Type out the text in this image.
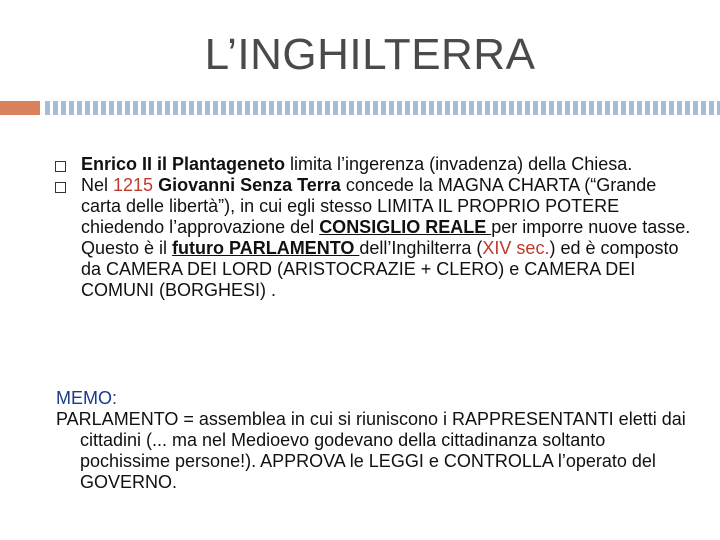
L’INGHILTERRA
Enrico II il Plantageneto limita l’ingerenza (invadenza) della Chiesa.
Nel 1215 Giovanni Senza Terra concede la MAGNA CHARTA (“Grande carta delle libertà”), in cui egli stesso LIMITA IL PROPRIO POTERE chiedendo l’approvazione del CONSIGLIO REALE per imporre nuove tasse. Questo è il futuro PARLAMENTO dell’Inghilterra (XIV sec.) ed è composto da CAMERA DEI LORD (ARISTOCRAZIE + CLERO) e CAMERA DEI COMUNI (BORGHESI) .
MEMO:
PARLAMENTO = assemblea in cui si riuniscono i RAPPRESENTANTI eletti dai cittadini (... ma nel Medioevo godevano della cittadinanza soltanto pochissime persone!). APPROVA le LEGGI e CONTROLLA l’operato del GOVERNO.
